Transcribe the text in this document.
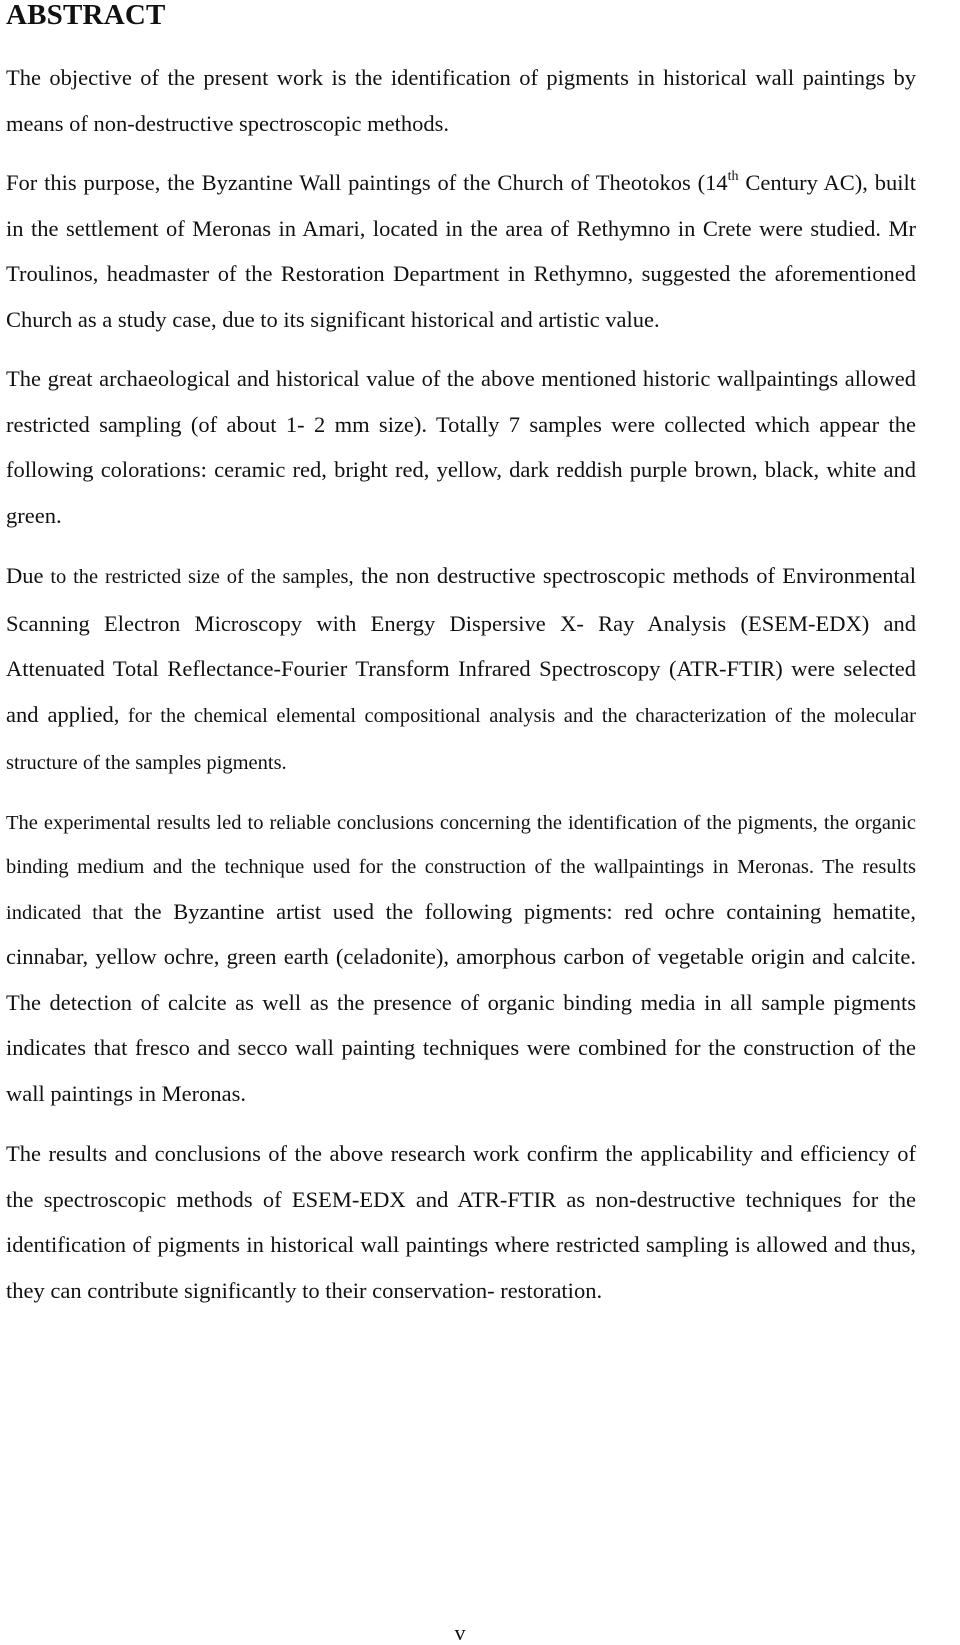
ABSTRACT

The objective of the present work is the identification of pigments in historical wall paintings by means of non-destructive spectroscopic methods.

For this purpose, the Byzantine Wall paintings of the Church of Theotokos (14th Century AC), built in the settlement of Meronas in Amari, located in the area of Rethymno in Crete were studied. Mr Troulinos, headmaster of the Restoration Department in Rethymno, suggested the aforementioned Church as a study case, due to its significant historical and artistic value.

The great archaeological and historical value of the above mentioned historic wallpaintings allowed restricted sampling (of about 1- 2 mm size). Totally 7 samples were collected which appear the following colorations: ceramic red, bright red, yellow, dark reddish purple brown, black, white and green.

Due to the restricted size of the samples, the non destructive spectroscopic methods of Environmental Scanning Electron Microscopy with Energy Dispersive X- Ray Analysis (ESEM-EDX) and Attenuated Total Reflectance-Fourier Transform Infrared Spectroscopy (ATR-FTIR) were selected and applied, for the chemical elemental compositional analysis and the characterization of the molecular structure of the samples pigments.

The experimental results led to reliable conclusions concerning the identification of the pigments, the organic binding medium and the technique used for the construction of the wallpaintings in Meronas. The results indicated that the Byzantine artist used the following pigments: red ochre containing hematite, cinnabar, yellow ochre, green earth (celadonite), amorphous carbon of vegetable origin and calcite. The detection of calcite as well as the presence of organic binding media in all sample pigments indicates that fresco and secco wall painting techniques were combined for the construction of the wall paintings in Meronas.

The results and conclusions of the above research work confirm the applicability and efficiency of the spectroscopic methods of ESEM-EDX and ATR-FTIR as non-destructive techniques for the identification of pigments in historical wall paintings where restricted sampling is allowed and thus, they can contribute significantly to their conservation- restoration.

v
